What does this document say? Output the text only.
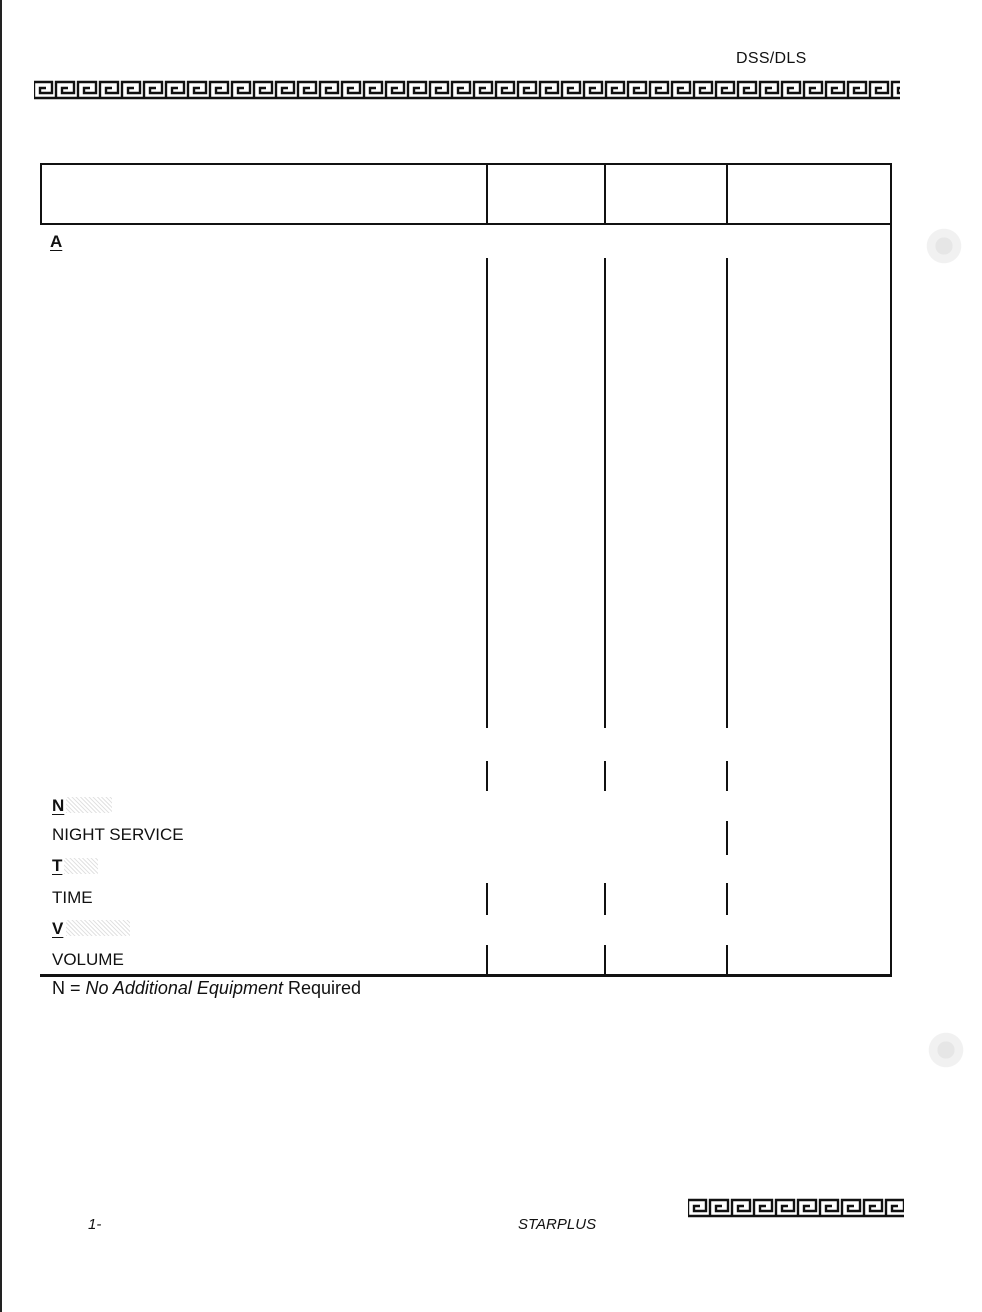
DSS/DLS
A
N
NIGHT SERVICE
T
TIME
V
VOLUME
N = No Additional Equipment Required
1-	STARPLUS
